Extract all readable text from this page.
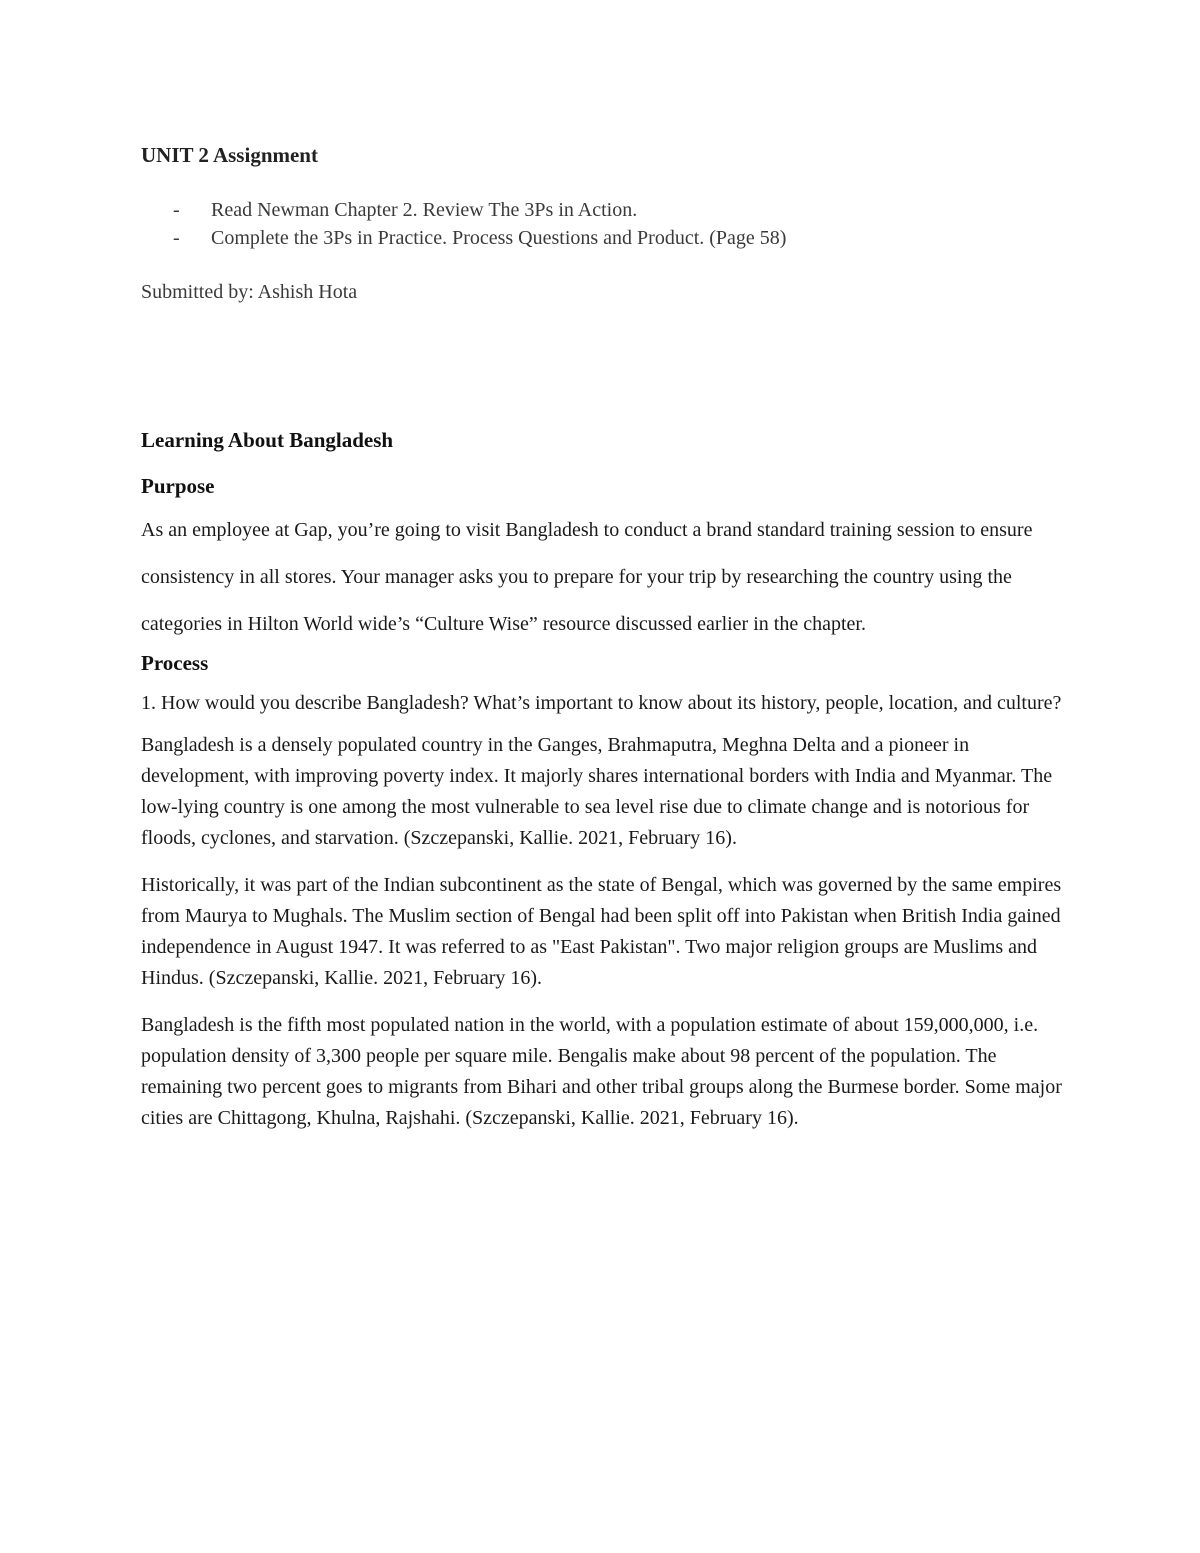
UNIT 2 Assignment
-	Read Newman Chapter 2. Review The 3Ps in Action.
-	Complete the 3Ps in Practice. Process Questions and Product. (Page 58)

Submitted by: Ashish Hota

Learning About Bangladesh
Purpose

As an employee at Gap, you’re going to visit Bangladesh to conduct a brand standard training session to ensure consistency in all stores. Your manager asks you to prepare for your trip by researching the country using the categories in Hilton World wide’s “Culture Wise” resource discussed earlier in the chapter.

Process

1. How would you describe Bangladesh? What’s important to know about its history, people, location, and culture?

Bangladesh is a densely populated country in the Ganges, Brahmaputra, Meghna Delta and a pioneer in development, with improving poverty index. It majorly shares international borders with India and Myanmar. The low-lying country is one among the most vulnerable to sea level rise due to climate change and is notorious for floods, cyclones, and starvation. (Szczepanski, Kallie. 2021, February 16).

Historically, it was part of the Indian subcontinent as the state of Bengal, which was governed by the same empires from Maurya to Mughals. The Muslim section of Bengal had been split off into Pakistan when British India gained independence in August 1947. It was referred to as "East Pakistan". Two major religion groups are Muslims and Hindus. (Szczepanski, Kallie. 2021, February 16).

Bangladesh is the fifth most populated nation in the world, with a population estimate of about 159,000,000, i.e. population density of 3,300 people per square mile. Bengalis make about 98 percent of the population. The remaining two percent goes to migrants from Bihari and other tribal groups along the Burmese border. Some major cities are Chittagong, Khulna, Rajshahi. (Szczepanski, Kallie. 2021, February 16).
